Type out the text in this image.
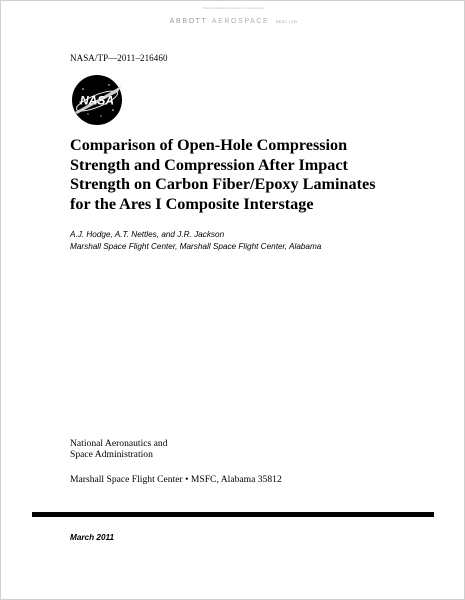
Best Available Document for Aerospace
ABBOTT AEROSPACE SEZC LTD
NASA/TP—2011–216460
NASA
Comparison of Open-Hole Compression
Strength and Compression After Impact
Strength on Carbon Fiber/Epoxy Laminates
for the Ares I Composite Interstage
A.J. Hodge, A.T. Nettles, and J.R. Jackson
Marshall Space Flight Center, Marshall Space Flight Center, Alabama
National Aeronautics and
Space Administration
Marshall Space Flight Center • MSFC, Alabama 35812
March 2011
